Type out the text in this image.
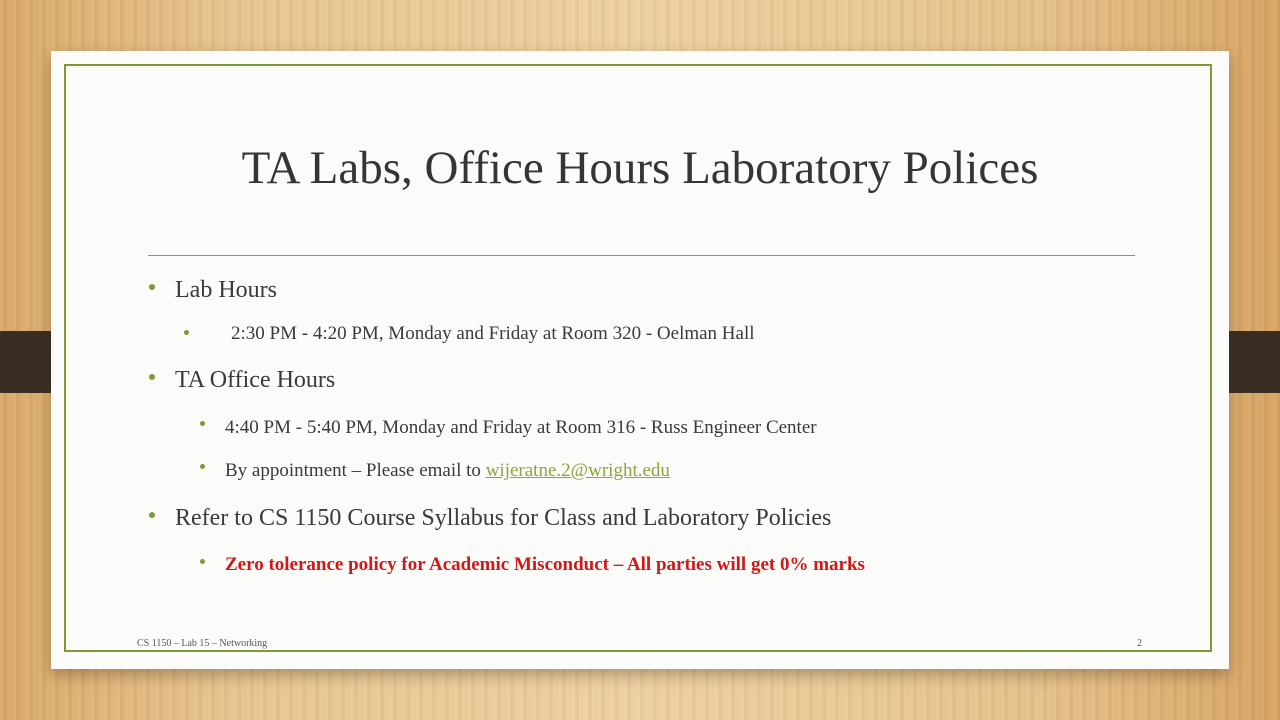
TA Labs, Office Hours Laboratory Polices
Lab Hours
2:30 PM - 4:20 PM, Monday and Friday at Room 320 - Oelman Hall
TA Office Hours
4:40 PM - 5:40 PM, Monday and Friday at Room 316 - Russ Engineer Center
By appointment – Please email to wijeratne.2@wright.edu
Refer to CS 1150 Course Syllabus for Class and Laboratory Policies
Zero tolerance policy for Academic Misconduct – All parties will get 0% marks
CS 1150 – Lab 15 – Networking	2
